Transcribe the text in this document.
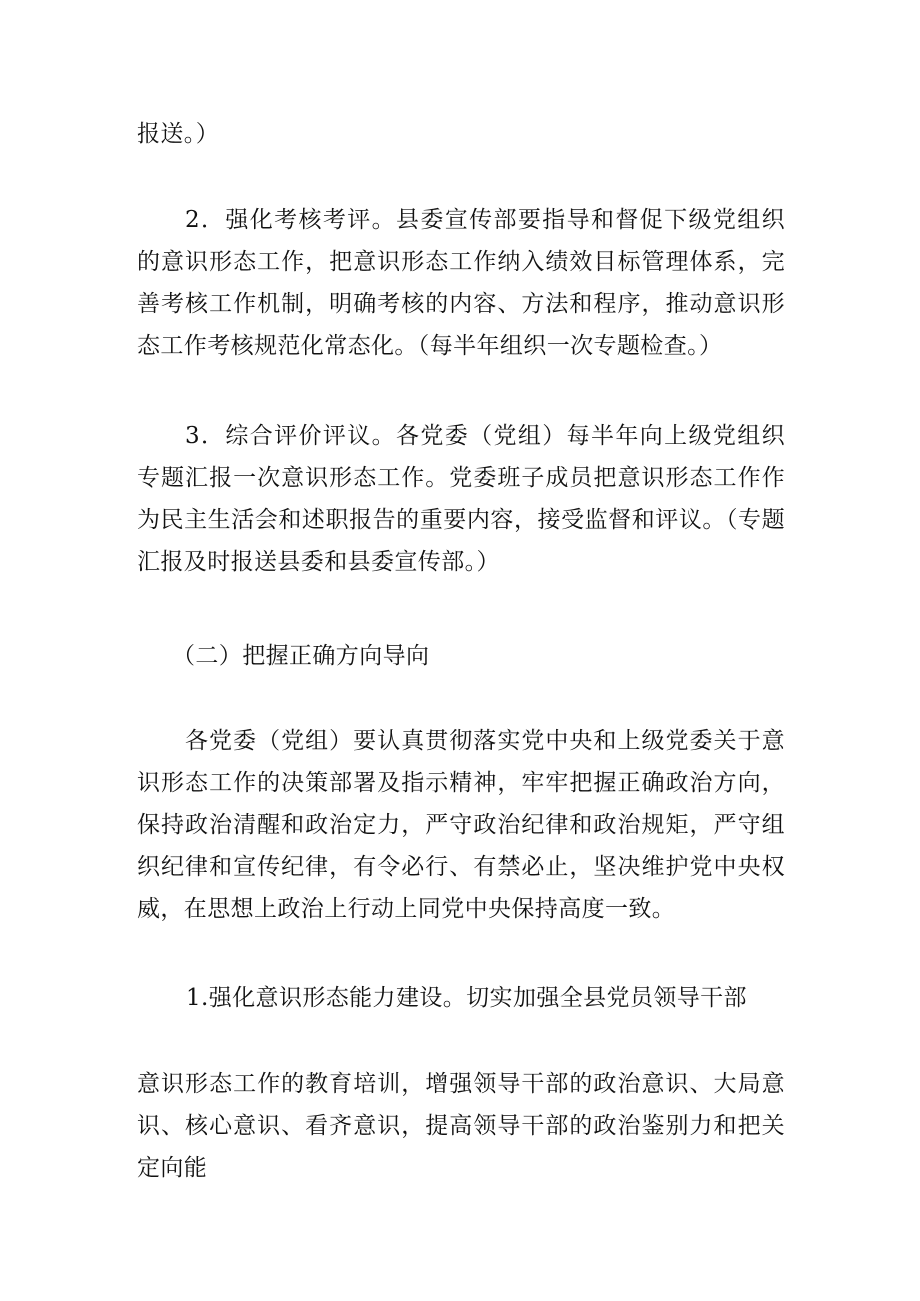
报送。）

2．强化考核考评。县委宣传部要指导和督促下级党组织的意识形态工作，把意识形态工作纳入绩效目标管理体系，完善考核工作机制，明确考核的内容、方法和程序，推动意识形态工作考核规范化常态化。（每半年组织一次专题检查。）

3．综合评价评议。各党委（党组）每半年向上级党组织专题汇报一次意识形态工作。党委班子成员把意识形态工作作为民主生活会和述职报告的重要内容，接受监督和评议。（专题汇报及时报送县委和县委宣传部。）

（二）把握正确方向导向

各党委（党组）要认真贯彻落实党中央和上级党委关于意识形态工作的决策部署及指示精神，牢牢把握正确政治方向，保持政治清醒和政治定力，严守政治纪律和政治规矩，严守组织纪律和宣传纪律，有令必行、有禁必止，坚决维护党中央权威，在思想上政治上行动上同党中央保持高度一致。

1.强化意识形态能力建设。切实加强全县党员领导干部

意识形态工作的教育培训，增强领导干部的政治意识、大局意识、核心意识、看齐意识，提高领导干部的政治鉴别力和把关定向能
